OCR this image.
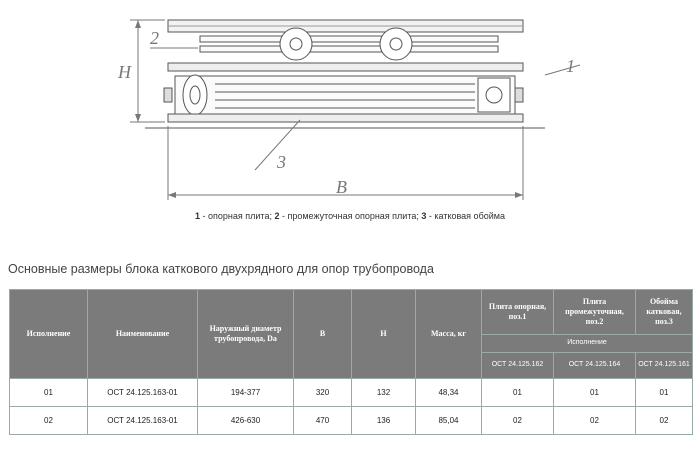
H
B
2
1
3
1 - опорная плита; 2 - промежуточная опорная плита; 3 - катковая обойма
Основные размеры блока каткового двухрядного для опор трубопровода
Исполнение	Наименование	Наружный диаметр трубопровода, Da	B	H	Масса, кг	Плита опорная, поз.1	Плита промежуточная, поз.2	Обойма катковая, поз.3
						Исполнение		
						ОСТ 24.125.162	ОСТ 24.125.164	ОСТ 24.125.161
01	ОСТ 24.125.163-01	194-377	320	132	48,34	01	01	01
02	ОСТ 24.125.163-01	426-630	470	136	85,04	02	02	02
